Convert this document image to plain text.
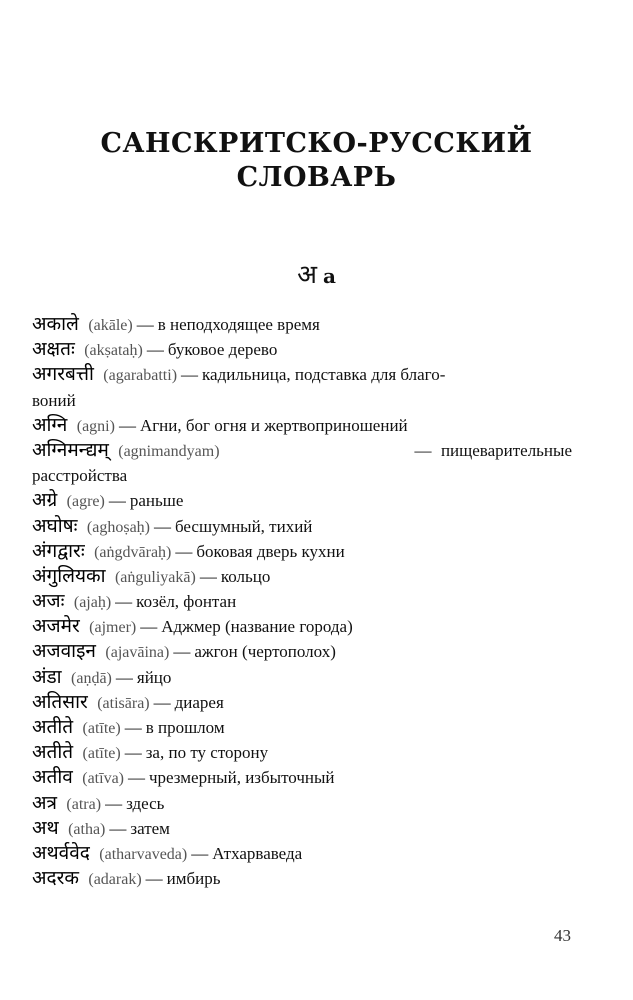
САНСКРИТСКО-РУССКИЙ
СЛОВАРЬ
अ a
अकाले (akāle) — в неподходящее время
अक्षतः (akṣataḥ) — буковое дерево
अगरबत्ती (agarabatti) — кадильница, подставка для благо-
воний
अग्नि (agni) — Агни, бог огня и жертвоприношений
अग्निमन्द्यम् (agnimandyam)	— пищеварительные
расстройства
अग्रे (agre) — раньше
अघोषः (aghoṣaḥ) — бесшумный, тихий
अंगद्वारः (aṅgdvāraḥ) — боковая дверь кухни
अंगुलियका (aṅguliyakā) — кольцо
अजः (ajaḥ) — козёл, фонтан
अजमेर (ajmer) — Аджмер (название города)
अजवाइन (ajavāina) — ажгон (чертополох)
अंडा (aṇḍā) — яйцо
अतिसार (atisāra) — диарея
अतीते (atīte) — в прошлом
अतीते (atīte) — за, по ту сторону
अतीव (atīva) — чрезмерный, избыточный
अत्र (atra) — здесь
अथ (atha) — затем
अथर्ववेद (atharvaveda) — Атхарваведа
अदरक (adarak) — имбирь
43
